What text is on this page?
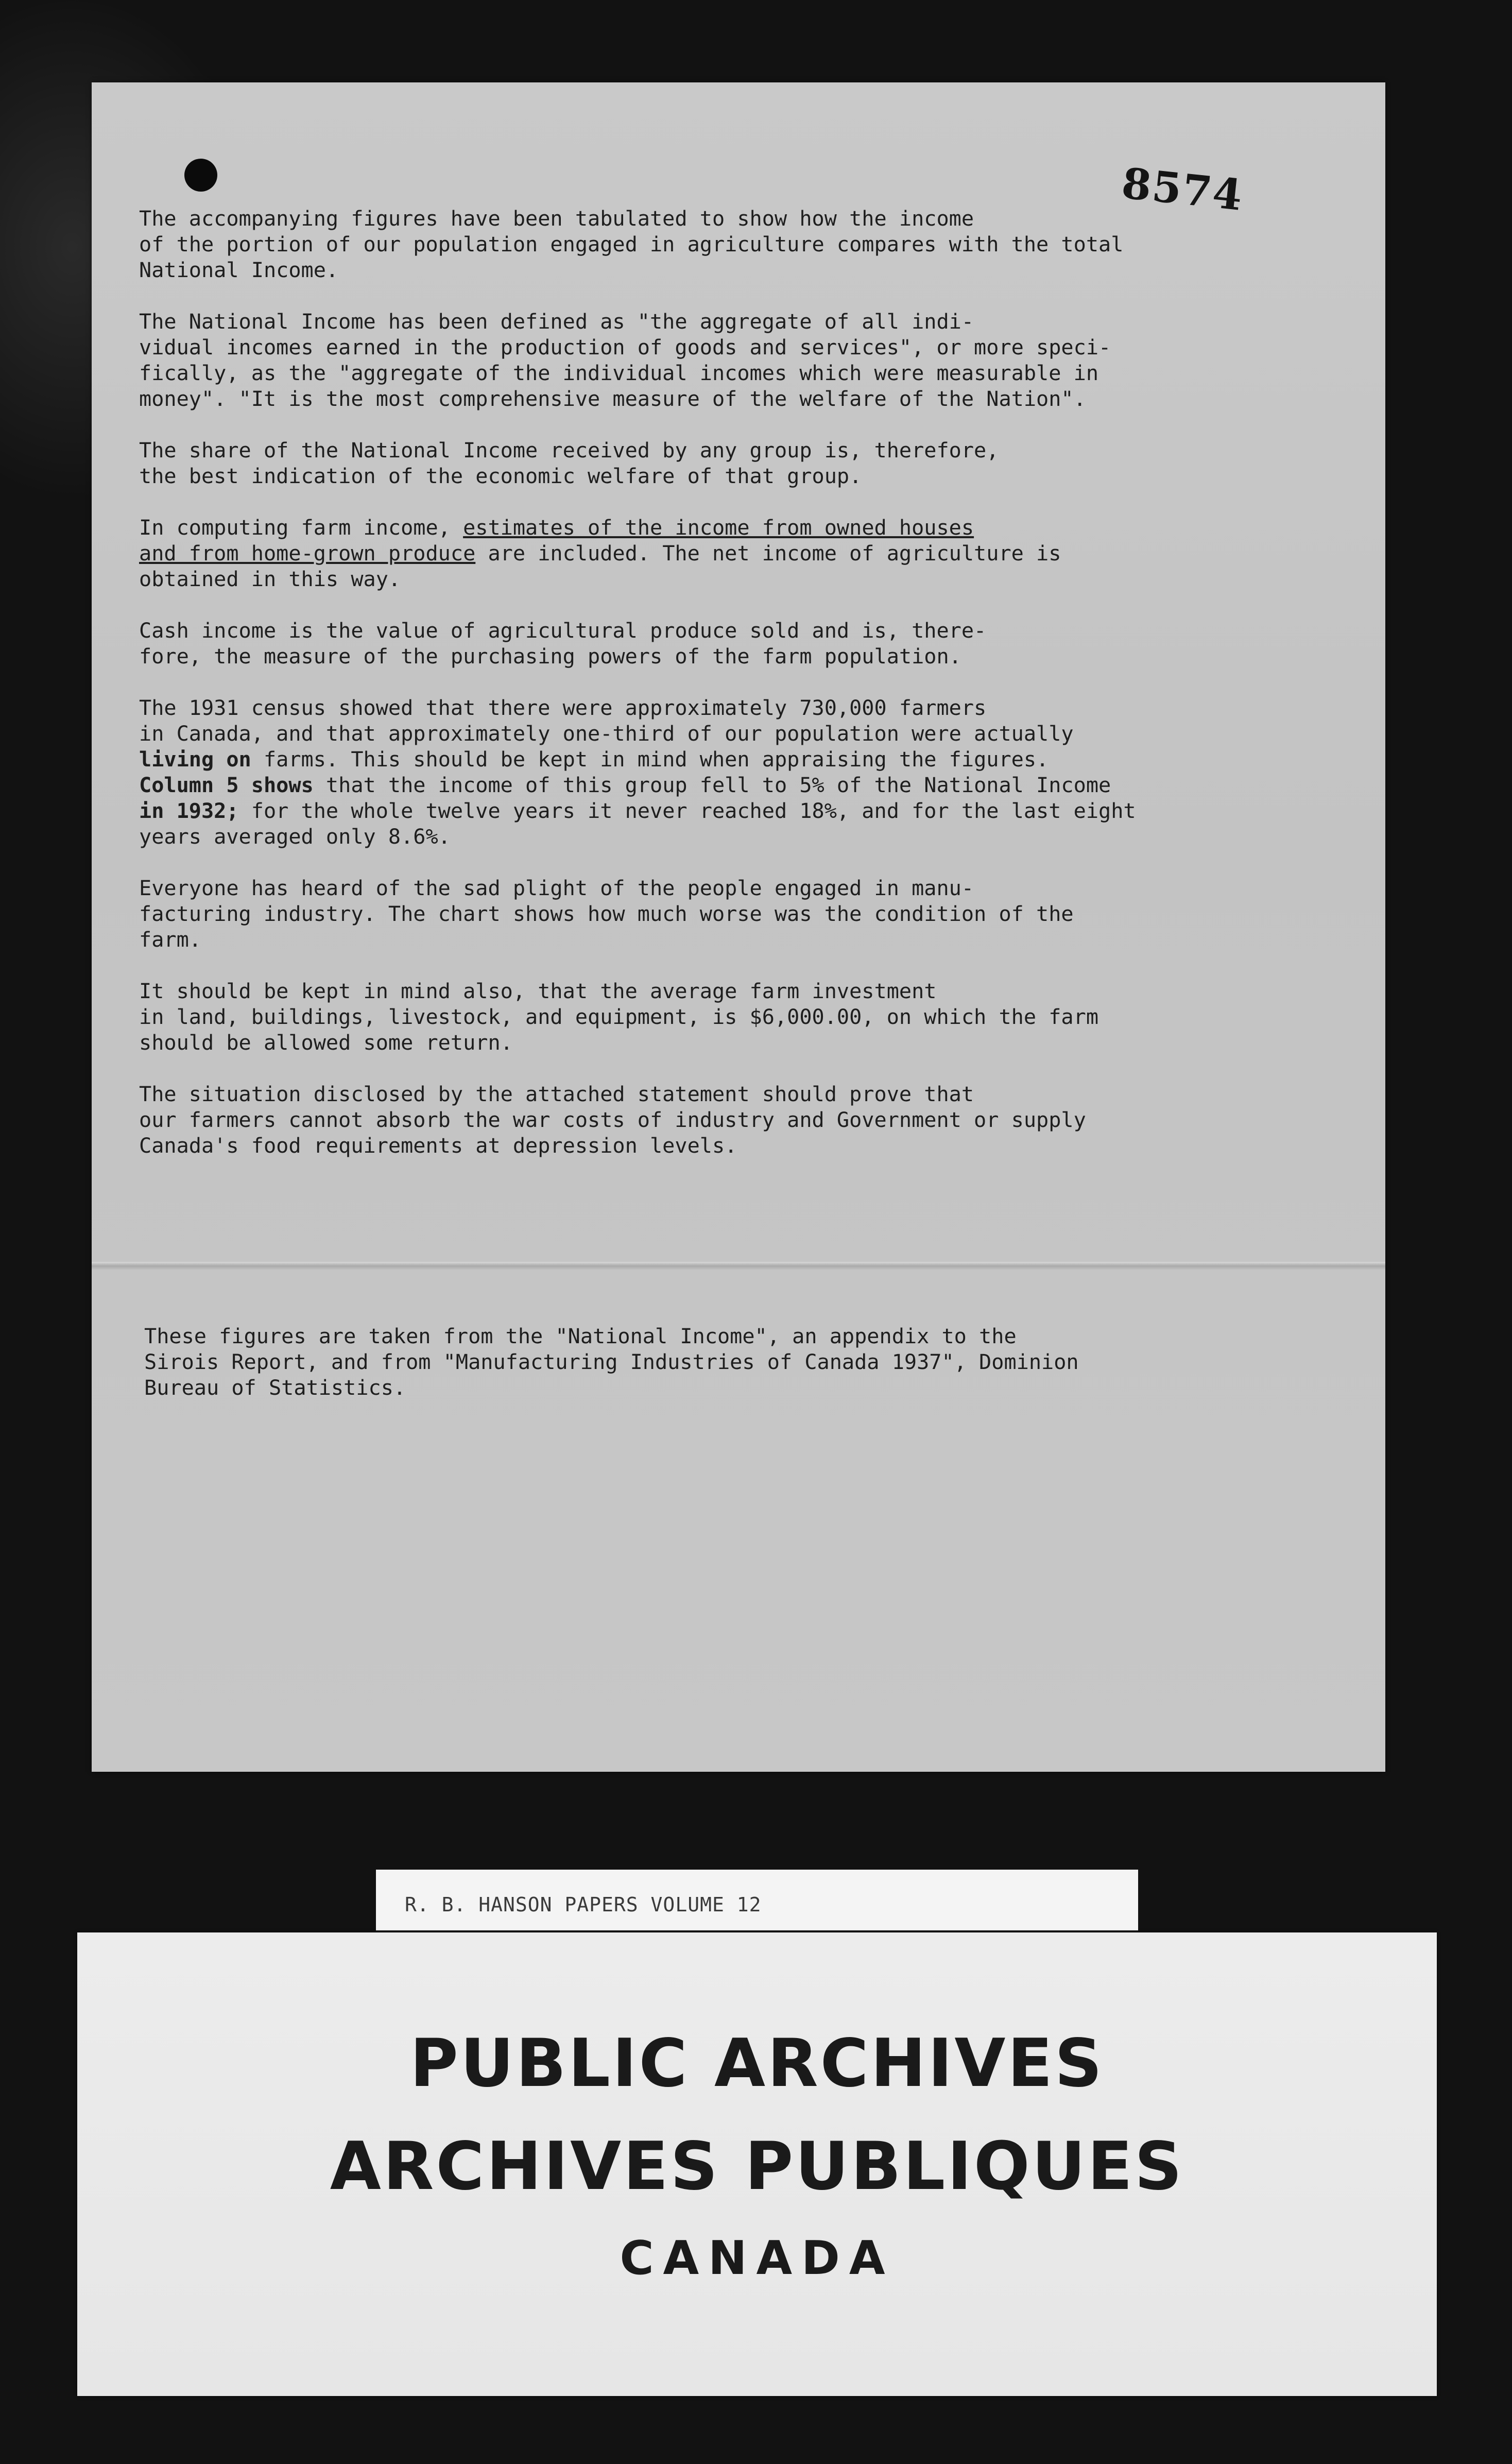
8574

The accompanying figures have been tabulated to show how the income
of the portion of our population engaged in agriculture compares with the total
National Income.

The National Income has been defined as "the aggregate of all indi-
vidual incomes earned in the production of goods and services", or more speci-
fically, as the "aggregate of the individual incomes which were measurable in
money". "It is the most comprehensive measure of the welfare of the Nation".

The share of the National Income received by any group is, therefore,
the best indication of the economic welfare of that group.

In computing farm income, estimates of the income from owned houses
and from home-grown produce are included. The net income of agriculture is
obtained in this way.

Cash income is the value of agricultural produce sold and is, there-
fore, the measure of the purchasing powers of the farm population.

The 1931 census showed that there were approximately 730,000 farmers
in Canada, and that approximately one-third of our population were actually
living on farms. This should be kept in mind when appraising the figures.
Column 5 shows that the income of this group fell to 5% of the National Income
in 1932; for the whole twelve years it never reached 18%, and for the last eight
years averaged only 8.6%.

Everyone has heard of the sad plight of the people engaged in manu-
facturing industry. The chart shows how much worse was the condition of the
farm.

It should be kept in mind also, that the average farm investment
in land, buildings, livestock, and equipment, is $6,000.00, on which the farm
should be allowed some return.

The situation disclosed by the attached statement should prove that
our farmers cannot absorb the war costs of industry and Government or supply
Canada's food requirements at depression levels.

These figures are taken from the "National Income", an appendix to the
Sirois Report, and from "Manufacturing Industries of Canada 1937", Dominion
Bureau of Statistics.
R. B. HANSON PAPERS VOLUME 12
PUBLIC ARCHIVES
ARCHIVES PUBLIQUES
CANADA
